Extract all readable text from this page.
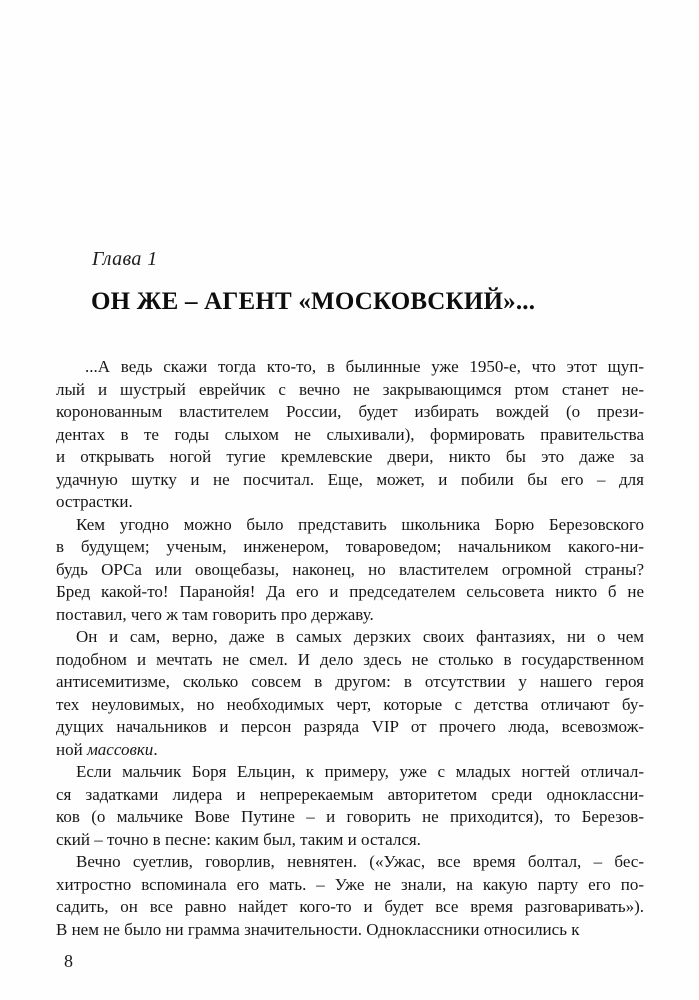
Глава 1
ОН ЖЕ – АГЕНТ «МОСКОВСКИЙ»...
...А ведь скажи тогда кто-то, в былинные уже 1950-е, что этот щуп-
лый и шустрый еврейчик с вечно не закрывающимся ртом станет не-
коронованным властителем России, будет избирать вождей (о прези-
дентах в те годы слыхом не слыхивали), формировать правительства
и открывать ногой тугие кремлевские двери, никто бы это даже за
удачную шутку и не посчитал. Еще, может, и побили бы его – для
острастки.
Кем угодно можно было представить школьника Борю Березовского
в будущем; ученым, инженером, товароведом; начальником какого-ни-
будь ОРСа или овощебазы, наконец, но властителем огромной страны?
Бред какой-то! Паранойя! Да его и председателем сельсовета никто б не
поставил, чего ж там говорить про державу.
Он и сам, верно, даже в самых дерзких своих фантазиях, ни о чем
подобном и мечтать не смел. И дело здесь не столько в государственном
антисемитизме, сколько совсем в другом: в отсутствии у нашего героя
тех неуловимых, но необходимых черт, которые с детства отличают бу-
дущих начальников и персон разряда VIP от прочего люда, всевозмож-
ной массовки.
Если мальчик Боря Ельцин, к примеру, уже с младых ногтей отличал-
ся задатками лидера и непререкаемым авторитетом среди одноклассни-
ков (о мальчике Вове Путине – и говорить не приходится), то Березов-
ский – точно в песне: каким был, таким и остался.
Вечно суетлив, говорлив, невнятен. («Ужас, все время болтал, – бес-
хитростно вспоминала его мать. – Уже не знали, на какую парту его по-
садить, он все равно найдет кого-то и будет все время разговаривать»).
В нем не было ни грамма значительности. Одноклассники относились к
8
